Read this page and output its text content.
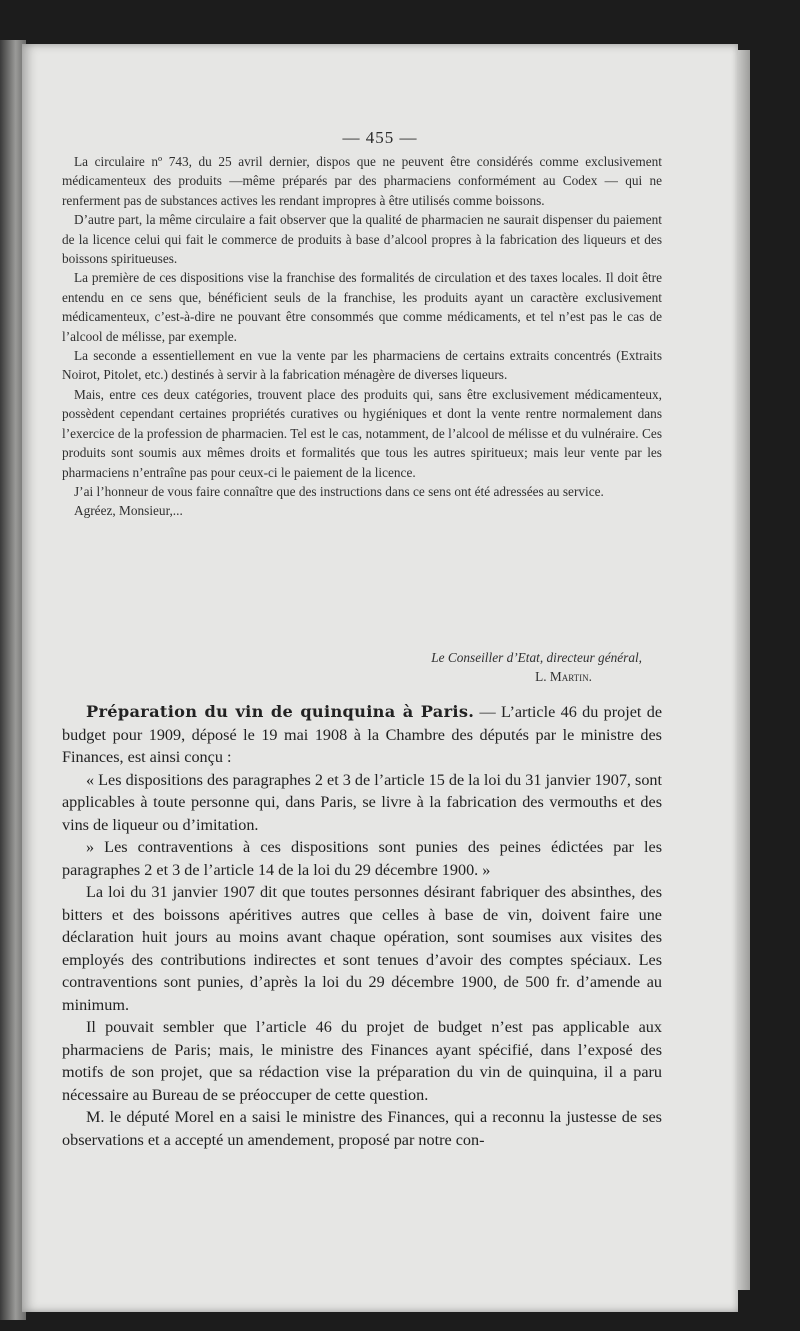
— 455 —

La circulaire nº 743, du 25 avril dernier, dispos que ne peuvent être considérés comme exclusivement médicamenteux des produits —même préparés par des pharmaciens conformément au Codex — qui ne renferment pas de substances actives les rendant impropres à être utilisés comme boissons.

D’autre part, la même circulaire a fait observer que la qualité de pharmacien ne saurait dispenser du paiement de la licence celui qui fait le commerce de produits à base d’alcool propres à la fabrication des liqueurs et des boissons spiritueuses.

La première de ces dispositions vise la franchise des formalités de circulation et des taxes locales. Il doit être entendu en ce sens que, bénéficient seuls de la franchise, les produits ayant un caractère exclusivement médicamenteux, c’est-à-dire ne pouvant être consommés que comme médicaments, et tel n’est pas le cas de l’alcool de mélisse, par exemple.

La seconde a essentiellement en vue la vente par les pharmaciens de certains extraits concentrés (Extraits Noirot, Pitolet, etc.) destinés à servir à la fabrication ménagère de diverses liqueurs.

Mais, entre ces deux catégories, trouvent place des produits qui, sans être exclusivement médicamenteux, possèdent cependant certaines propriétés curatives ou hygiéniques et dont la vente rentre normalement dans l’exercice de la profession de pharmacien. Tel est le cas, notamment, de l’alcool de mélisse et du vulnéraire. Ces produits sont soumis aux mêmes droits et formalités que tous les autres spiritueux; mais leur vente par les pharmaciens n’entraîne pas pour ceux-ci le paiement de la licence.

J’ai l’honneur de vous faire connaître que des instructions dans ce sens ont été adressées au service.

Agréez, Monsieur,...

Le Conseiller d’Etat, directeur général,
L. Martin.

Préparation du vin de quinquina à Paris. — L’article 46 du projet de budget pour 1909, déposé le 19 mai 1908 à la Chambre des députés par le ministre des Finances, est ainsi conçu :

« Les dispositions des paragraphes 2 et 3 de l’article 15 de la loi du 31 janvier 1907, sont applicables à toute personne qui, dans Paris, se livre à la fabrication des vermouths et des vins de liqueur ou d’imitation.

» Les contraventions à ces dispositions sont punies des peines édictées par les paragraphes 2 et 3 de l’article 14 de la loi du 29 décembre 1900. »

La loi du 31 janvier 1907 dit que toutes personnes désirant fabriquer des absinthes, des bitters et des boissons apéritives autres que celles à base de vin, doivent faire une déclaration huit jours au moins avant chaque opération, sont soumises aux visites des employés des contributions indirectes et sont tenues d’avoir des comptes spéciaux. Les contraventions sont punies, d’après la loi du 29 décembre 1900, de 500 fr. d’amende au minimum.

Il pouvait sembler que l’article 46 du projet de budget n’est pas applicable aux pharmaciens de Paris; mais, le ministre des Finances ayant spécifié, dans l’exposé des motifs de son projet, que sa rédaction vise la préparation du vin de quinquina, il a paru nécessaire au Bureau de se préoccuper de cette question.

M. le député Morel en a saisi le ministre des Finances, qui a reconnu la justesse de ses observations et a accepté un amendement, proposé par notre con-
